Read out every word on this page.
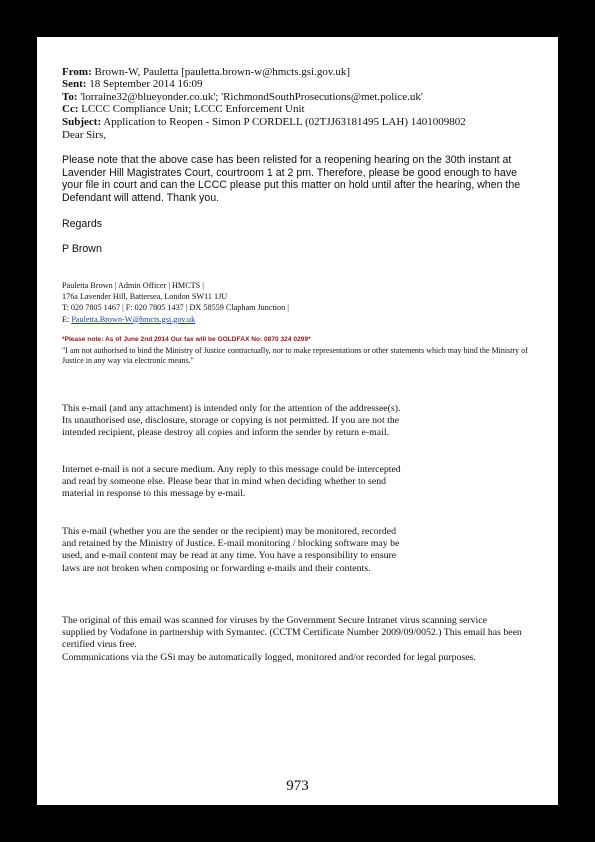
From: Brown-W, Pauletta [pauletta.brown-w@hmcts.gsi.gov.uk]
Sent: 18 September 2014 16:09
To: 'lorraine32@blueyonder.co.uk'; 'RichmondSouthProsecutions@met.police.uk'
Cc: LCCC Compliance Unit; LCCC Enforcement Unit
Subject: Application to Reopen - Simon P CORDELL (02TJJ63181495 LAH) 1401009802
Dear Sirs,

Please note that the above case has been relisted for a reopening hearing on the 30th instant at Lavender Hill Magistrates Court, courtroom 1 at 2 pm. Therefore, please be good enough to have your file in court and can the LCCC please put this matter on hold until after the hearing, when the Defendant will attend. Thank you.

Regards
P Brown
Pauletta Brown | Admin Officer | HMCTS |
176a Lavender Hill, Battersea, London SW11 1JU
T: 020 7805 1467 | F: 020 7805 1437 | DX 58559 Clapham Junction |
E: Pauletta.Brown-W@hmcts.gsi.gov.uk
*Please note: As of June 2nd 2014 Our fax will be GOLDFAX No: 0870 324 0299*

"I am not authorised to bind the Ministry of Justice contractually, nor to make representations or other statements which may bind the Ministry of Justice in any way via electronic means."

This e-mail (and any attachment) is intended only for the attention of the addressee(s). Its unauthorised use, disclosure, storage or copying is not permitted. If you are not the intended recipient, please destroy all copies and inform the sender by return e-mail.

Internet e-mail is not a secure medium. Any reply to this message could be intercepted and read by someone else. Please bear that in mind when deciding whether to send material in response to this message by e-mail.

This e-mail (whether you are the sender or the recipient) may be monitored, recorded and retained by the Ministry of Justice. E-mail monitoring / blocking software may be used, and e-mail content may be read at any time. You have a responsibility to ensure laws are not broken when composing or forwarding e-mails and their contents.

The original of this email was scanned for viruses by the Government Secure Intranet virus scanning service supplied by Vodafone in partnership with Symantec. (CCTM Certificate Number 2009/09/0052.) This email has been certified virus free.

Communications via the GSi may be automatically logged, monitored and/or recorded for legal purposes.

973
